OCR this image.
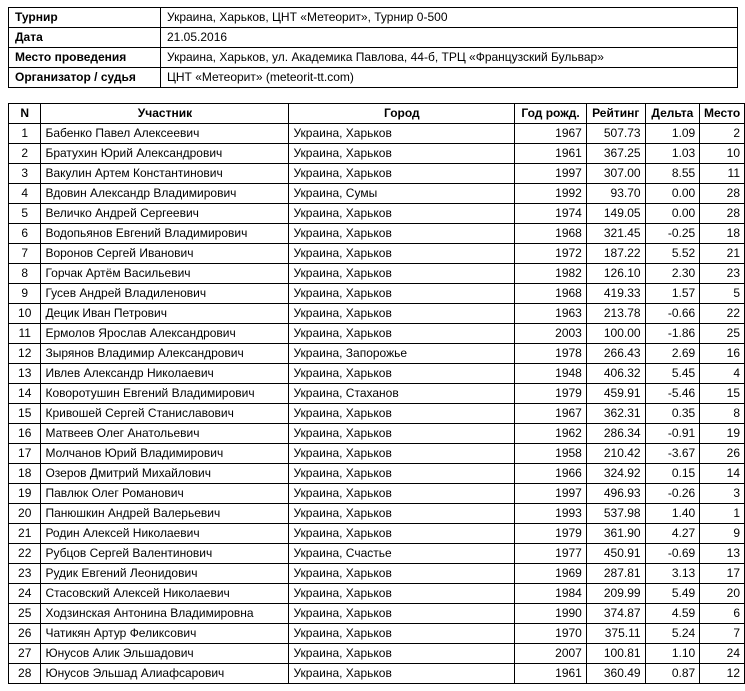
Турнир	Украина, Харьков, ЦНТ «Метеорит», Турнир 0-500
Дата	21.05.2016
Место проведения	Украина, Харьков, ул. Академика Павлова, 44-б, ТРЦ «Французский Бульвар»
Организатор / судья	ЦНТ «Метеорит» (meteorit-tt.com)
N	Участник	Город	Год рожд.	Рейтинг	Дельта	Место
1	Бабенко Павел Алексеевич	Украина, Харьков	1967	507.73	1.09	2
2	Братухин Юрий Александрович	Украина, Харьков	1961	367.25	1.03	10
3	Вакулин Артем Константинович	Украина, Харьков	1997	307.00	8.55	11
4	Вдовин Александр Владимирович	Украина, Сумы	1992	93.70	0.00	28
5	Величко Андрей Сергеевич	Украина, Харьков	1974	149.05	0.00	28
6	Водопьянов Евгений Владимирович	Украина, Харьков	1968	321.45	-0.25	18
7	Воронов Сергей Иванович	Украина, Харьков	1972	187.22	5.52	21
8	Горчак Артём Васильевич	Украина, Харьков	1982	126.10	2.30	23
9	Гусев Андрей Владиленович	Украина, Харьков	1968	419.33	1.57	5
10	Децик Иван Петрович	Украина, Харьков	1963	213.78	-0.66	22
11	Ермолов Ярослав Александрович	Украина, Харьков	2003	100.00	-1.86	25
12	Зырянов Владимир Александрович	Украина, Запорожье	1978	266.43	2.69	16
13	Ивлев Александр Николаевич	Украина, Харьков	1948	406.32	5.45	4
14	Коворотушин Евгений Владимирович	Украина, Стаханов	1979	459.91	-5.46	15
15	Кривошей Сергей Станиславович	Украина, Харьков	1967	362.31	0.35	8
16	Матвеев Олег Анатольевич	Украина, Харьков	1962	286.34	-0.91	19
17	Молчанов Юрий Владимирович	Украина, Харьков	1958	210.42	-3.67	26
18	Озеров Дмитрий Михайлович	Украина, Харьков	1966	324.92	0.15	14
19	Павлюк Олег Романович	Украина, Харьков	1997	496.93	-0.26	3
20	Панюшкин Андрей Валерьевич	Украина, Харьков	1993	537.98	1.40	1
21	Родин Алексей Николаевич	Украина, Харьков	1979	361.90	4.27	9
22	Рубцов Сергей Валентинович	Украина, Счастье	1977	450.91	-0.69	13
23	Рудик Евгений Леонидович	Украина, Харьков	1969	287.81	3.13	17
24	Стасовский Алексей Николаевич	Украина, Харьков	1984	209.99	5.49	20
25	Ходзинская Антонина Владимировна	Украина, Харьков	1990	374.87	4.59	6
26	Чатикян Артур Феликсович	Украина, Харьков	1970	375.11	5.24	7
27	Юнусов Алик Эльшадович	Украина, Харьков	2007	100.81	1.10	24
28	Юнусов Эльшад Алиафсарович	Украина, Харьков	1961	360.49	0.87	12
